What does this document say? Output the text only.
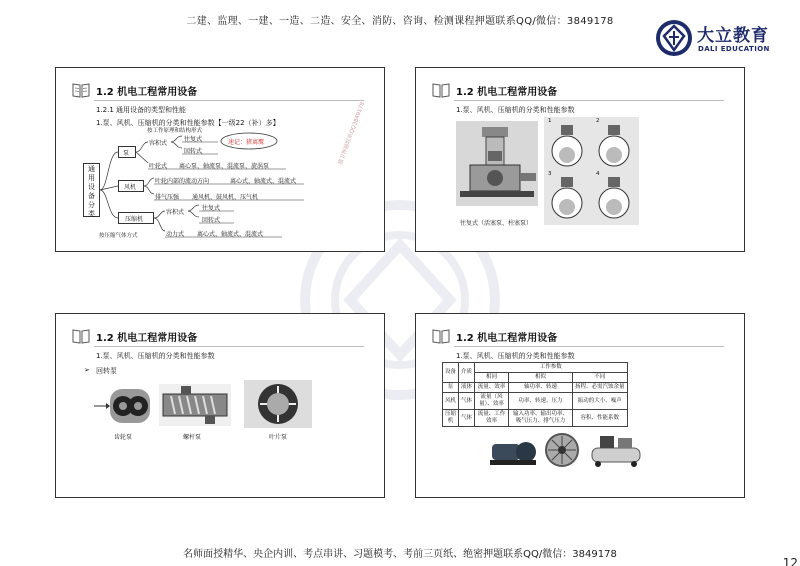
二建、监理、一建、一造、二造、安全、消防、咨询、检测课程押题联系QQ/微信：3849178
大立教育
DALI EDUCATION
1.2 机电工程常用设备
1.2.1 通用设备的类型和性能
1.泵、风机、压缩机的分类和性能参数【一级22（补）多】
通
用
设
备
分
类
按工作原理和结构形式
按压缩气体方式
泵
容积式
往复式
回转式
叶轮式 离心泵、轴流泵、混流泵、旋涡泵
速记：猪离鹰
风机
叶轮内部的流动方向	离心式、轴流式、混流式
排气压强 通风机、鼓风机、压气机
压缩机
容积式
往复式
回转式
动力式 离心式、轴流式、混流式
猪卫押题联系QQ3849178
1.2 机电工程常用设备
1.泵、风机、压缩机的分类和性能参数
往复式（活塞泵、柱塞泵）
1	2
3	4
1.2 机电工程常用设备
1.泵、风机、压缩机的分类和性能参数
➢ 回转泵
齿轮泵	螺杆泵	叶片泵
1.2 机电工程常用设备
1.泵、风机、压缩机的分类和性能参数
设备	介质	工作参数		
		相同	相似	不同
泵	液体	流量、效率	轴功率、转速	扬程、必需汽蚀余量
风机	气体	流量（风量）、效率	功率、转速、压力	振动的大小、噪声
压缩机	气体	流量、工作效率	输入功率、输出功率、吸气压力、排气压力	容积、性能系数
名师面授精华、央企内训、考点串讲、习题模考、考前三页纸、绝密押题联系QQ/微信：3849178
12
